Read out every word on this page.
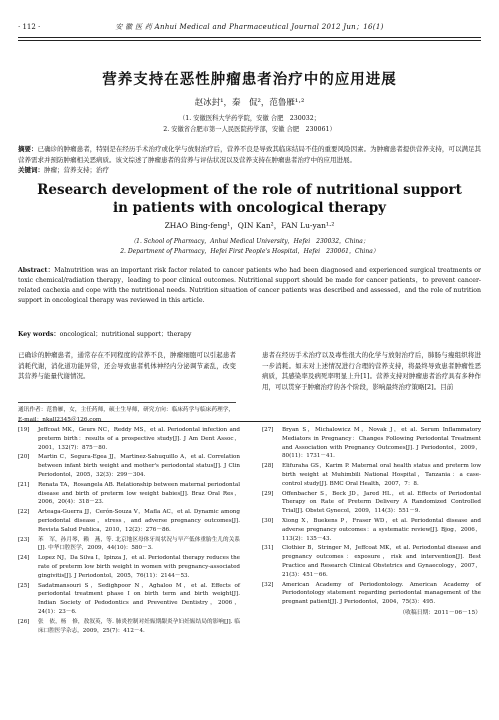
· 112 ·	安 徽 医 药 Anhui Medical and Pharmaceutical Journal 2012 Jun；16(1)
营养支持在恶性肿瘤患者治疗中的应用进展
赵冰封¹，秦　侃²，范鲁雁¹·²
（1. 安徽医科大学药学院，安徽 合肥　230032；
2. 安徽省合肥市第一人民医院药学部，安徽 合肥　230061）
摘要：已确诊的肿瘤患者，特别是在经历手术治疗或化学与放射治疗后，营养不良是导致其临床结局不佳的重要风险因素。为肿瘤患者提供营养支持，可以满足其营养需求并预防肿瘤相关恶病质。该文综述了肿瘤患者的营养与评估状况以及营养支持在肿瘤患者治疗中的应用进展。
关键词：肿瘤；营养支持；治疗
Research development of the role of nutritional support
in patients with oncological therapy
ZHAO Bing-feng¹，QIN Kan²，FAN Lu-yan¹·²
（1. School of Pharmacy，Anhui Medical University，Hefei　230032，China；
2. Department of Pharmacy，Hefei First People's Hospital，Hefei　230061，China）
Abstract：Malnutrition was an important risk factor related to cancer patients who had been diagnosed and experienced surgical treatments or toxic chemical/radiation therapy，leading to poor clinical outcomes. Nutritional support should be made for cancer patients，to prevent cancer-related cachexia and cope with the nutritional needs. Nutrition situation of cancer patients was described and assessed，and the role of nutrition support in oncological therapy was reviewed in this article.
Key words：oncological；nutritional support；therapy
已确诊的肿瘤患者，通常存在不同程度的营养不良，肿瘤细胞可以引起患者消耗代谢，消化道功能异常，还会导致患者机体神经内分泌调节紊乱，改变其营养与能量代谢情况。
患者在经历手术治疗以及毒性很大的化学与放射治疗后，肺肠与瘦组织将进一步消耗。如未对上述情况进行合理的营养支持，将最终导致患者肿瘤性恶病质，其感染率及病死率明显上升[1]。营养支持对肿瘤患者治疗具有多种作用，可以贯穿于肿瘤治疗的各个阶段，影响最终治疗策略[2]。目前
通讯作者：范鲁雁，女，主任药师，硕士生导师，研究方向：临床药学与临床药理学，E-mail：nkall2345＠126.com
[19]	Jeffcoat MK，Geurs NC，Reddy MS，et al. Periodontal infection and preterm birth：results of a prospective study[J]. J Am Dent Assoc，2001，132(7)：875－80.
[20]	Martin C，Segura-Egea JJ，Martinez-Sahuquillo A，et al. Correlation between infant birth weight and mother's periodontal status[J]. J Clin Periodontol，2005，32(3)：299－304.
[21]	Renata TA，Rosangela AB. Relationship between maternal periodontal disease and birth of preterm low weight babies[J]. Braz Oral Res，2006，20(4)：318－23.
[22]	Arteaga-Guerra JJ，Cerón-Souza V，Mafla AC，et al. Dynamic among periodontal disease，stress，and adverse pregnancy outcomes[J]. Revista Salud Publica，2010，12(2)：276－86.
[23]	苯　军，孙月琴，赖　燕，等. 北京地区母体牙周状况与早产低体重胎生儿的关系[J]. 中华口腔医学，2009，44(10)：580－3.
[24]	Lopez NJ，Da Silva I，Ipinza J，et al. Periodontal therapy reduces the rate of preterm low birth weight in women with pregnancy-associated gingivitis[J]. J Periodontol，2005，76(11)：2144－53.
[25]	Sadatmansouri S，Sedighpoor N，Aghaloo M，et al. Effects of periodontal treatment phase I on birth term and birth weight[J]. Indian Society of Pedodontics and Preventive Dentistry，2006，24(1)：23－6.
[26]	张　依，杨　修，敖叙英，等. 肺炎控制对妊娠期龈炎孕妇妊娠结局的影响[J]. 临床口腔医学杂志，2009，25(7)：412－4.
[27]	Bryan S，Michalowicz M，Novak J，et al. Serum Inflammatory Mediators in Pregnancy：Changes Following Periodontal Treatment and Association with Pregnancy Outcomes[J]. J Periodontol，2009，80(11)：1731－41.
[28]	Elifuraha GS，Karim P. Maternal oral health status and preterm low birth weight at Muhimbili National Hospital，Tanzania：a case-control study[J]. BMC Oral Health，2007，7：8.
[29]	Offenbacher S，Beck JD，Jared HL，et al. Effects of Periodontal Therapy on Rate of Preterm Delivery A Randomized Controlled Trial[J]. Obstet Gynecol，2009，114(3)：551－9.
[30]	Xiong X，Buekens P，Fraser WD，et al. Periodontal disease and adverse pregnancy outcomes：a systematic review[J]. Bjog，2006，113(2)：135－43.
[31]	Clothier B，Stringer M，Jeffcoat MK，et al. Periodontal disease and pregnancy outcomes：exposure，risk and intervention[J]. Best Practice and Research Clinical Obstetrics and Gynaecology，2007，21(3)：451－66.
[32]	American Academy of Periodontology. American Academy of Periodontology statement regarding periodontal management of the pregnant patient[J]. J Periodontol，2004，75(3)：495.
（收稿日期：2011－06－15）
